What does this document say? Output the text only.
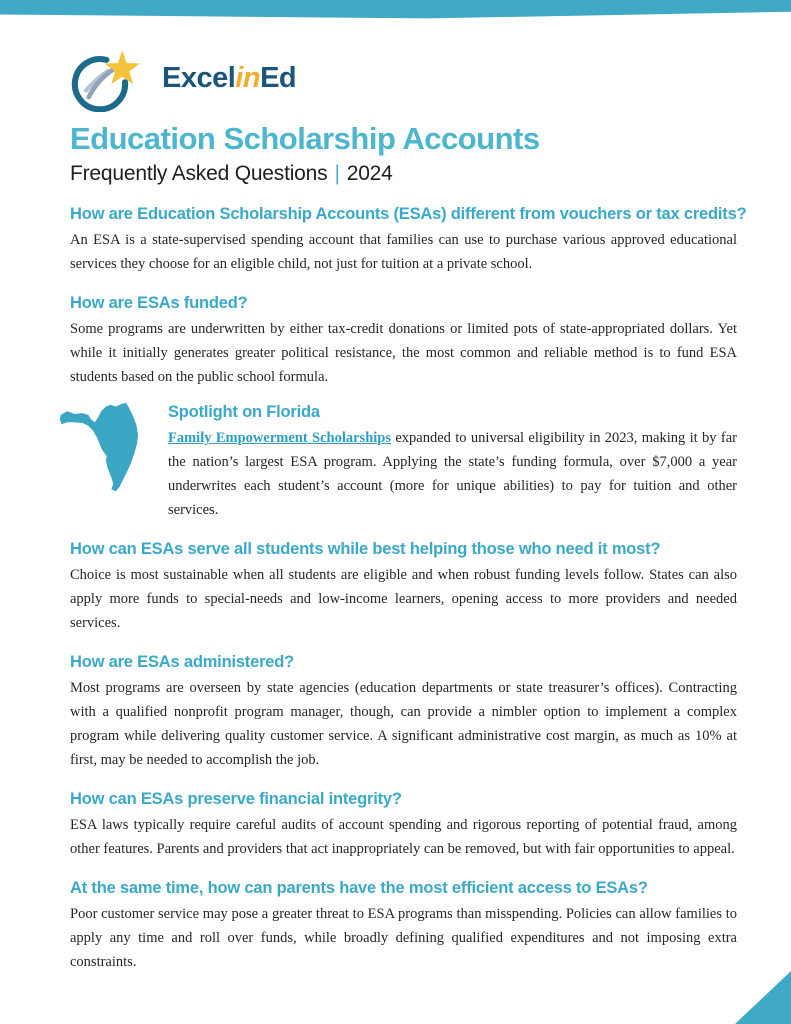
ExcelinEd
Education Scholarship Accounts
Frequently Asked Questions | 2024
How are Education Scholarship Accounts (ESAs) different from vouchers or tax credits?

An ESA is a state-supervised spending account that families can use to purchase various approved educational services they choose for an eligible child, not just for tuition at a private school.

How are ESAs funded?

Some programs are underwritten by either tax-credit donations or limited pots of state-appropriated dollars. Yet while it initially generates greater political resistance, the most common and reliable method is to fund ESA students based on the public school formula.

Spotlight on Florida

Family Empowerment Scholarships expanded to universal eligibility in 2023, making it by far the nation’s largest ESA program. Applying the state’s funding formula, over $7,000 a year underwrites each student’s account (more for unique abilities) to pay for tuition and other services.

How can ESAs serve all students while best helping those who need it most?

Choice is most sustainable when all students are eligible and when robust funding levels follow. States can also apply more funds to special-needs and low-income learners, opening access to more providers and needed services.

How are ESAs administered?

Most programs are overseen by state agencies (education departments or state treasurer’s offices). Contracting with a qualified nonprofit program manager, though, can provide a nimbler option to implement a complex program while delivering quality customer service. A significant administrative cost margin, as much as 10% at first, may be needed to accomplish the job.

How can ESAs preserve financial integrity?

ESA laws typically require careful audits of account spending and rigorous reporting of potential fraud, among other features. Parents and providers that act inappropriately can be removed, but with fair opportunities to appeal.

At the same time, how can parents have the most efficient access to ESAs?

Poor customer service may pose a greater threat to ESA programs than misspending. Policies can allow families to apply any time and roll over funds, while broadly defining qualified expenditures and not imposing extra constraints.
